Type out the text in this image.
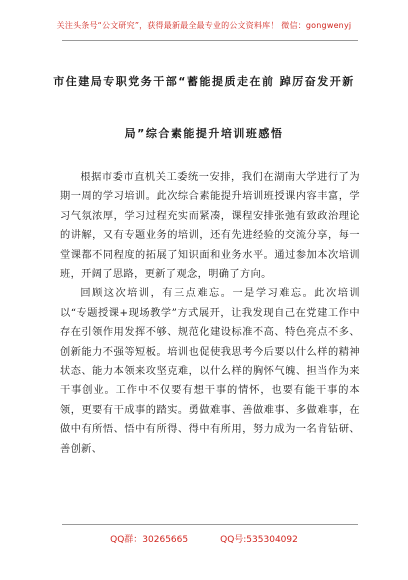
关注头条号“公文研究”，获得最新最全最专业的公文资料库！ 微信：gongwenyj
市住建局专职党务干部“蓄能提质走在前 踔厉奋发开新
局”综合素能提升培训班感悟

根据市委市直机关工委统一安排，我们在湖南大学进行了为期一周的学习培训。此次综合素能提升培训班授课内容丰富，学习气氛浓厚，学习过程充实而紧凑，课程安排张弛有致政治理论的讲解，又有专题业务的培训，还有先进经验的交流分享，每一堂课都不同程度的拓展了知识面和业务水平。通过参加本次培训班，开阔了思路，更新了观念，明确了方向。

回顾这次培训，有三点难忘。一是学习难忘。此次培训以“专题授课+现场教学”方式展开，让我发现自己在党建工作中存在引领作用发挥不够、规范化建设标准不高、特色亮点不多、创新能力不强等短板。培训也促使我思考今后要以什么样的精神状态、能力本领来攻坚克难，以什么样的胸怀气魄、担当作为来干事创业。工作中不仅要有想干事的情怀，也要有能干事的本领，更要有干成事的踏实。勇做难事、善做难事、多做难事，在做中有所悟、悟中有所得、得中有所用，努力成为一名肯钻研、善创新、

QQ群：30265665	QQ号:535304092
